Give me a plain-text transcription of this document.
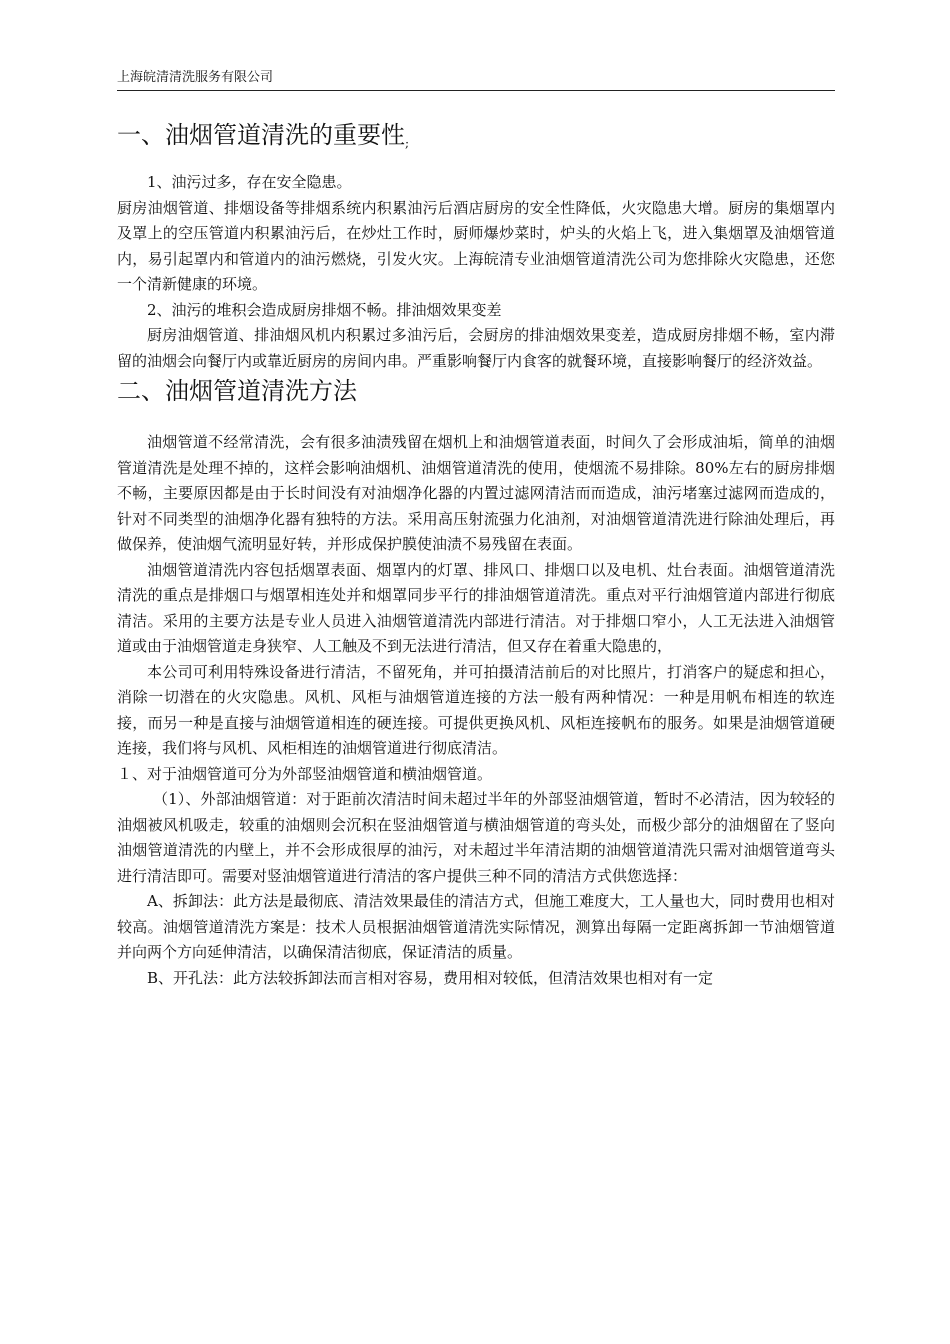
上海皖清清洗服务有限公司
一、油烟管道清洗的重要性;

1、油污过多，存在安全隐患。

厨房油烟管道、排烟设备等排烟系统内积累油污后酒店厨房的安全性降低，火灾隐患大增。厨房的集烟罩内及罩上的空压管道内积累油污后，在炒灶工作时，厨师爆炒菜时，炉头的火焰上飞，进入集烟罩及油烟管道内，易引起罩内和管道内的油污燃烧，引发火灾。上海皖清专业油烟管道清洗公司为您排除火灾隐患，还您一个清新健康的环境。

2、油污的堆积会造成厨房排烟不畅。排油烟效果变差

厨房油烟管道、排油烟风机内积累过多油污后，会厨房的排油烟效果变差，造成厨房排烟不畅，室内滞留的油烟会向餐厅内或靠近厨房的房间内串。严重影响餐厅内食客的就餐环境，直接影响餐厅的经济效益。

二、油烟管道清洗方法

油烟管道不经常清洗，会有很多油渍残留在烟机上和油烟管道表面，时间久了会形成油垢，简单的油烟管道清洗是处理不掉的，这样会影响油烟机、油烟管道清洗的使用，使烟流不易排除。80%左右的厨房排烟不畅，主要原因都是由于长时间没有对油烟净化器的内置过滤网清洁而而造成，油污堵塞过滤网而造成的，针对不同类型的油烟净化器有独特的方法。采用高压射流强力化油剂，对油烟管道清洗进行除油处理后，再做保养，使油烟气流明显好转，并形成保护膜使油渍不易残留在表面。

油烟管道清洗内容包括烟罩表面、烟罩内的灯罩、排风口、排烟口以及电机、灶台表面。油烟管道清洗清洗的重点是排烟口与烟罩相连处并和烟罩同步平行的排油烟管道清洗。重点对平行油烟管道内部进行彻底清洁。采用的主要方法是专业人员进入油烟管道清洗内部进行清洁。对于排烟口窄小，人工无法进入油烟管道或由于油烟管道走身狭窄、人工触及不到无法进行清洁，但又存在着重大隐患的，

本公司可利用特殊设备进行清洁，不留死角，并可拍摄清洁前后的对比照片，打消客户的疑虑和担心，消除一切潜在的火灾隐患。风机、风柜与油烟管道连接的方法一般有两种情况：一种是用帆布相连的软连接，而另一种是直接与油烟管道相连的硬连接。可提供更换风机、风柜连接帆布的服务。如果是油烟管道硬连接，我们将与风机、风柜相连的油烟管道进行彻底清洁。

１、对于油烟管道可分为外部竖油烟管道和横油烟管道。

（1）、外部油烟管道：对于距前次清洁时间未超过半年的外部竖油烟管道，暂时不必清洁，因为较轻的油烟被风机吸走，较重的油烟则会沉积在竖油烟管道与横油烟管道的弯头处，而极少部分的油烟留在了竖向油烟管道清洗的内壁上，并不会形成很厚的油污，对未超过半年清洁期的油烟管道清洗只需对油烟管道弯头进行清洁即可。需要对竖油烟管道进行清洁的客户提供三种不同的清洁方式供您选择：

A、拆卸法：此方法是最彻底、清洁效果最佳的清洁方式，但施工难度大，工人量也大，同时费用也相对较高。油烟管道清洗方案是：技术人员根据油烟管道清洗实际情况，测算出每隔一定距离拆卸一节油烟管道并向两个方向延伸清洁，以确保清洁彻底，保证清洁的质量。

B、开孔法：此方法较拆卸法而言相对容易，费用相对较低，但清洁效果也相对有一定
